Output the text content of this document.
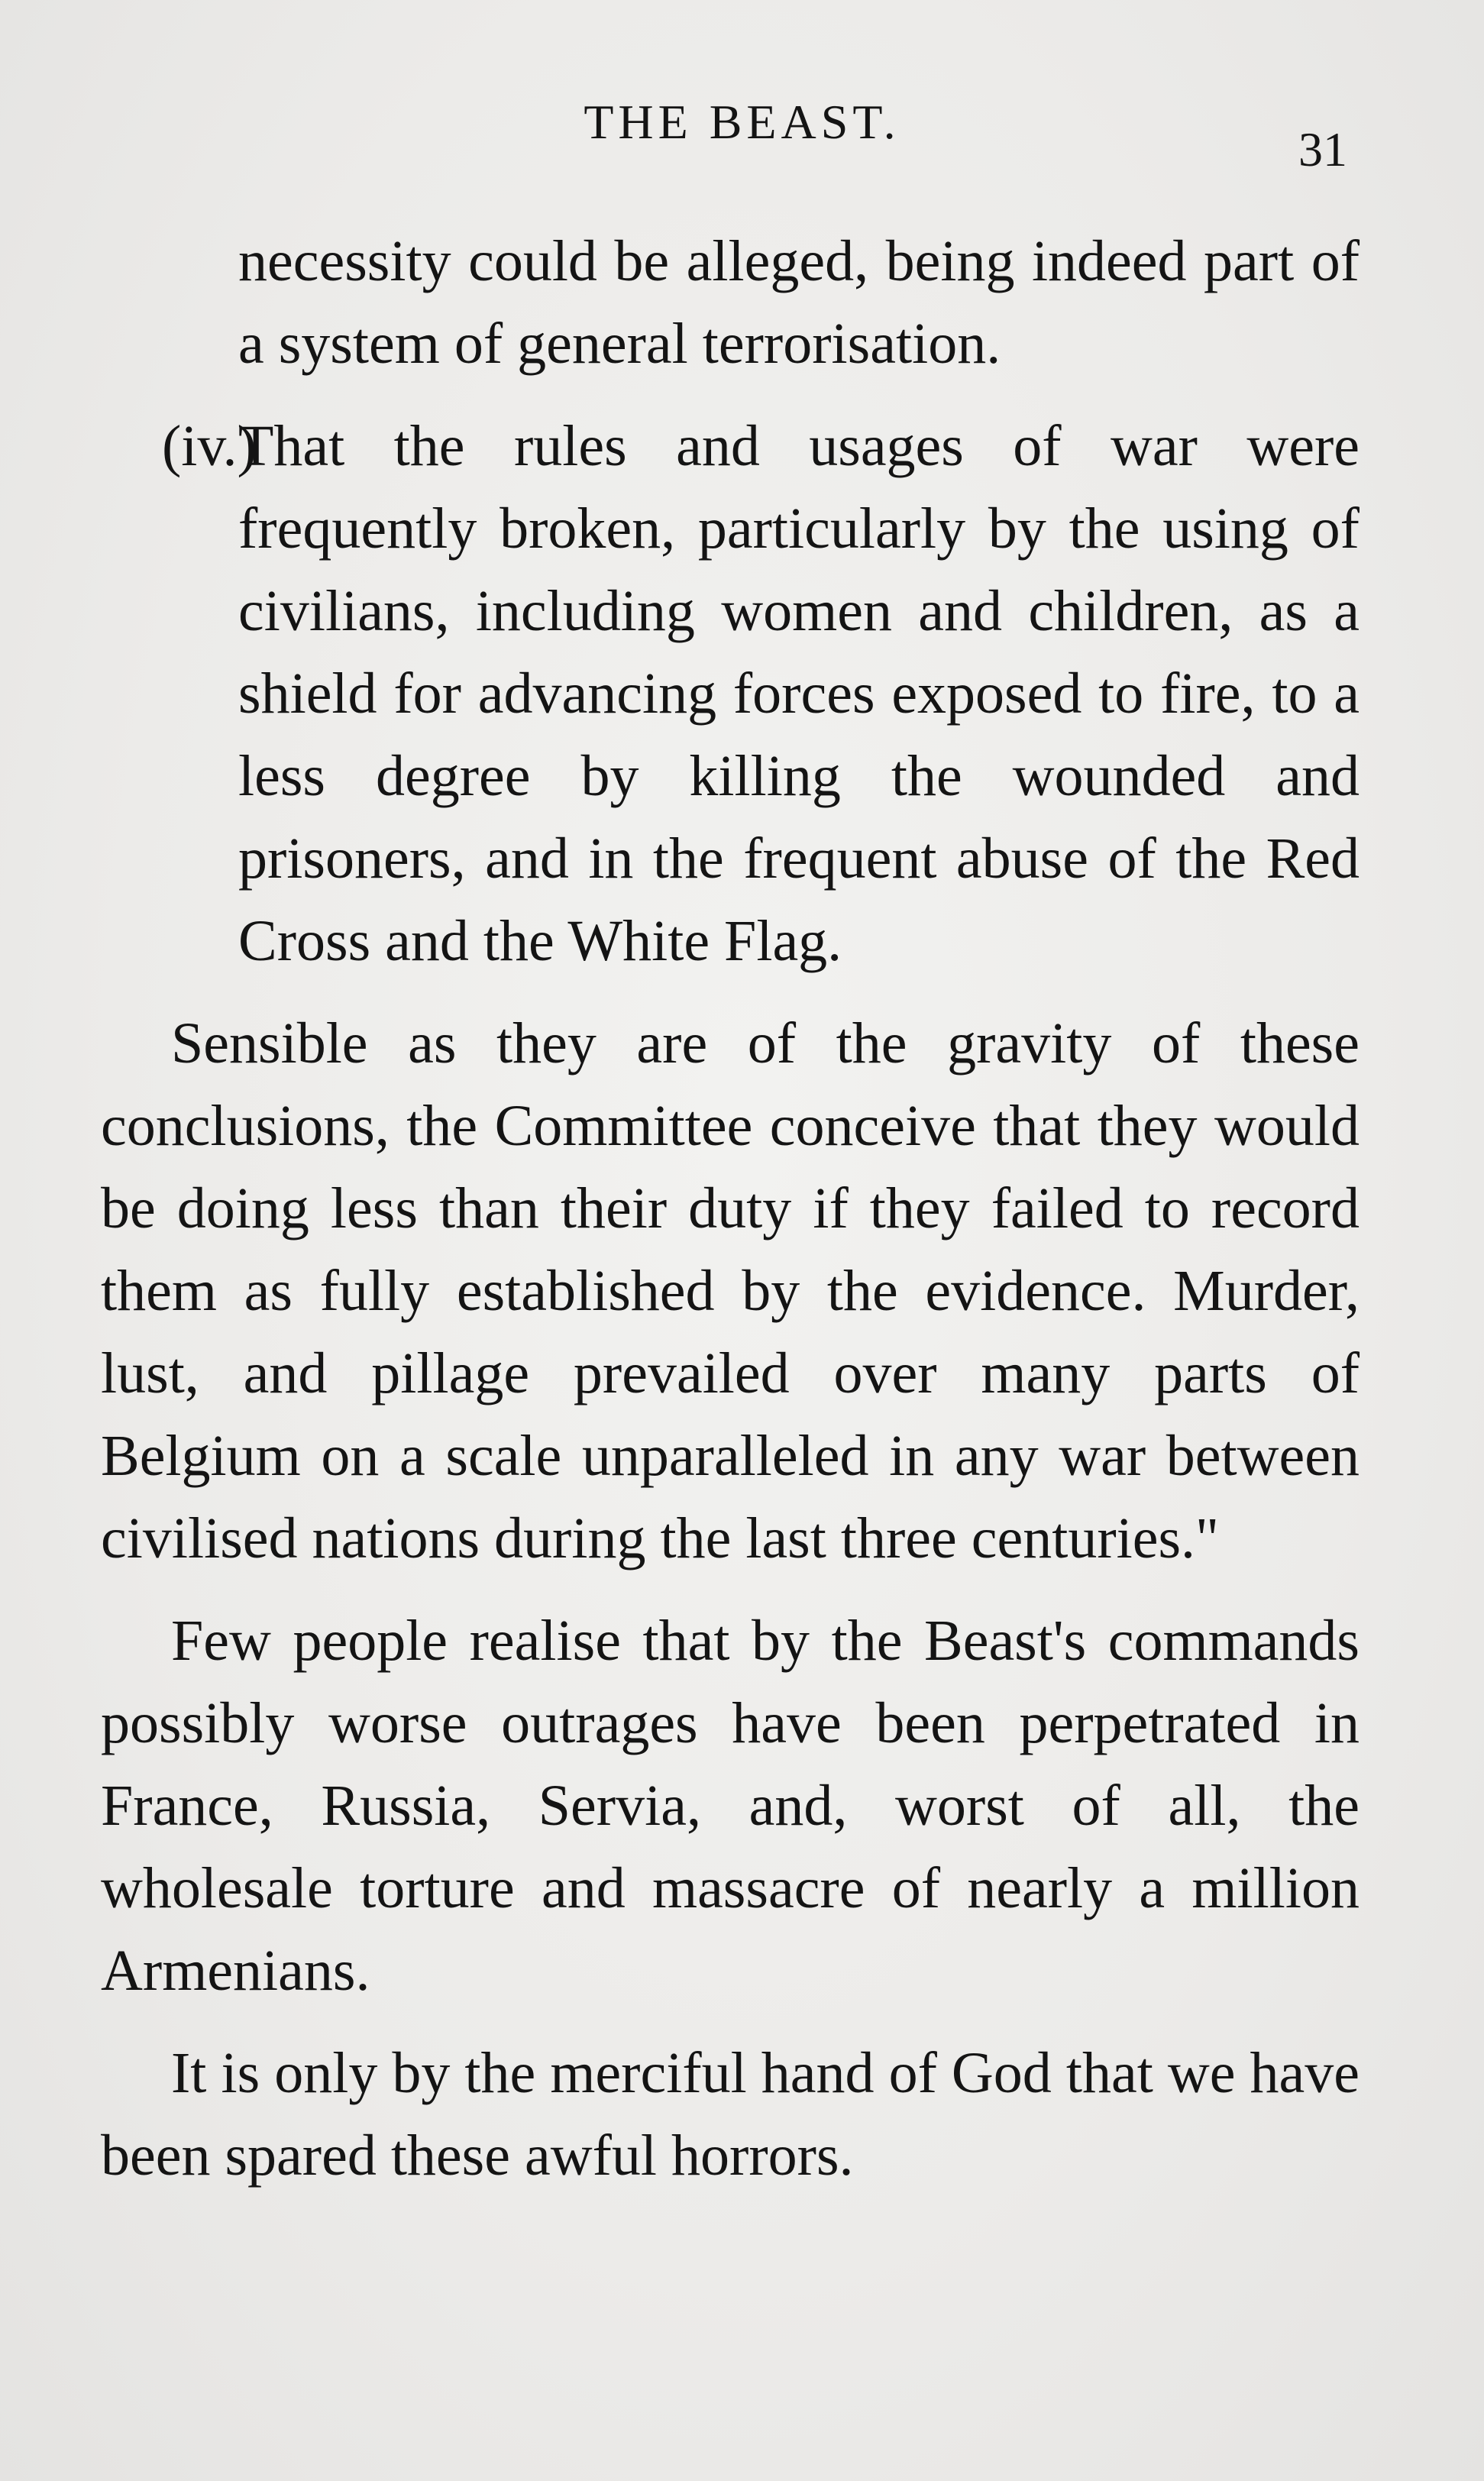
THE BEAST.
31

necessity could be alleged, being indeed part of a system of general terrorisation.

(iv.)That the rules and usages of war were frequently broken, particularly by the using of civilians, including women and children, as a shield for advancing forces exposed to fire, to a less degree by killing the wounded and prisoners, and in the frequent abuse of the Red Cross and the White Flag.

Sensible as they are of the gravity of these conclusions, the Committee conceive that they would be doing less than their duty if they failed to record them as fully established by the evidence. Murder, lust, and pillage prevailed over many parts of Belgium on a scale unparalleled in any war between civilised nations during the last three centuries."

Few people realise that by the Beast's commands possibly worse outrages have been perpetrated in France, Russia, Servia, and, worst of all, the wholesale torture and massacre of nearly a million Armenians.

It is only by the merciful hand of God that we have been spared these awful horrors.
